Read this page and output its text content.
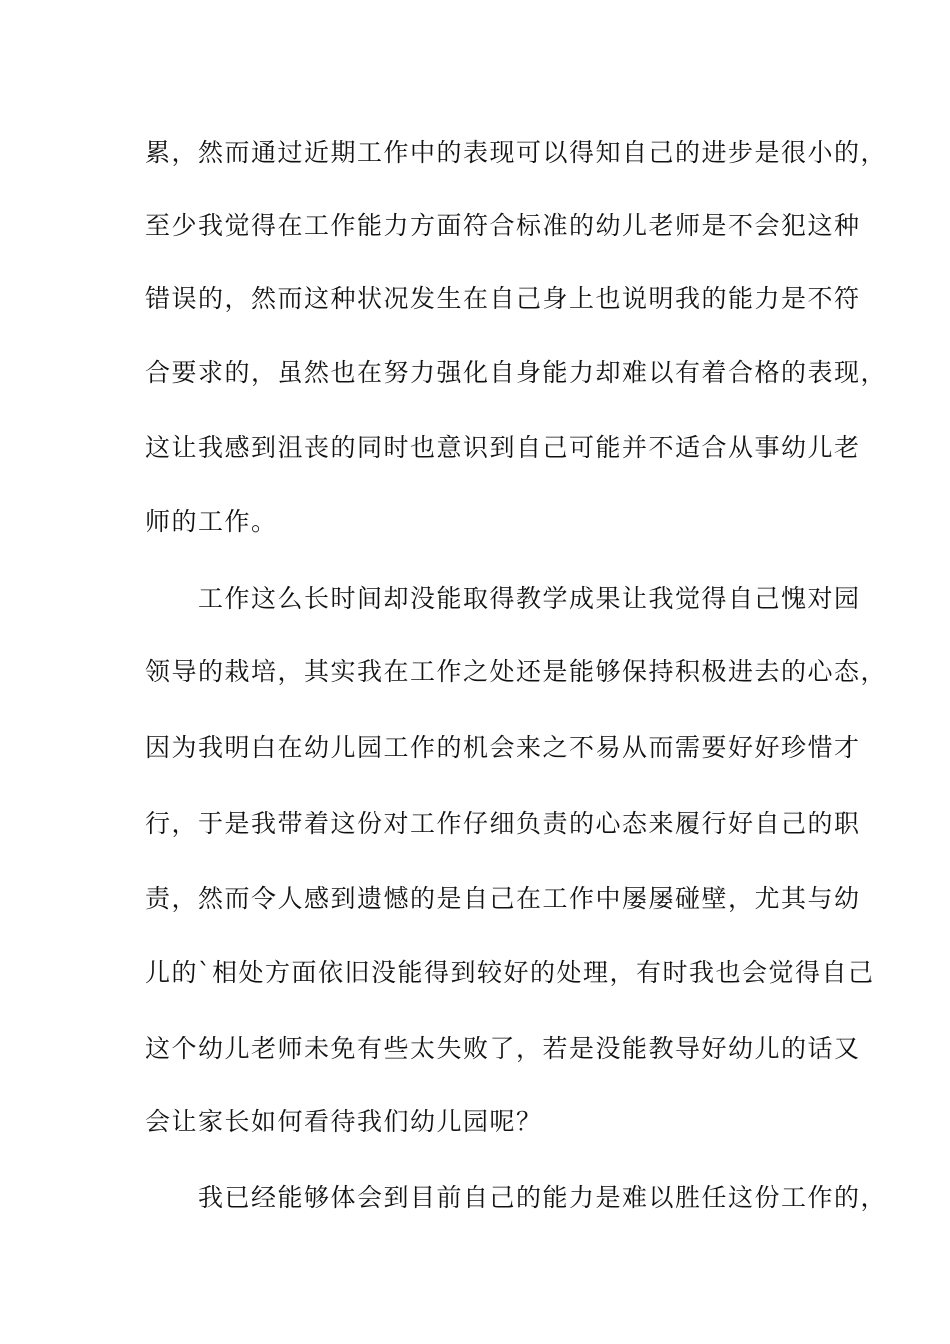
累，然而通过近期工作中的表现可以得知自己的进步是很小的，
至少我觉得在工作能力方面符合标准的幼儿老师是不会犯这种
错误的，然而这种状况发生在自己身上也说明我的能力是不符
合要求的，虽然也在努力强化自身能力却难以有着合格的表现，
这让我感到沮丧的同时也意识到自己可能并不适合从事幼儿老
师的工作。
　　工作这么长时间却没能取得教学成果让我觉得自己愧对园
领导的栽培，其实我在工作之处还是能够保持积极进去的心态，
因为我明白在幼儿园工作的机会来之不易从而需要好好珍惜才
行，于是我带着这份对工作仔细负责的心态来履行好自己的职
责，然而令人感到遗憾的是自己在工作中屡屡碰壁，尤其与幼
儿的`相处方面依旧没能得到较好的处理，有时我也会觉得自己
这个幼儿老师未免有些太失败了，若是没能教导好幼儿的话又
会让家长如何看待我们幼儿园呢？
　　我已经能够体会到目前自己的能力是难以胜任这份工作的，
